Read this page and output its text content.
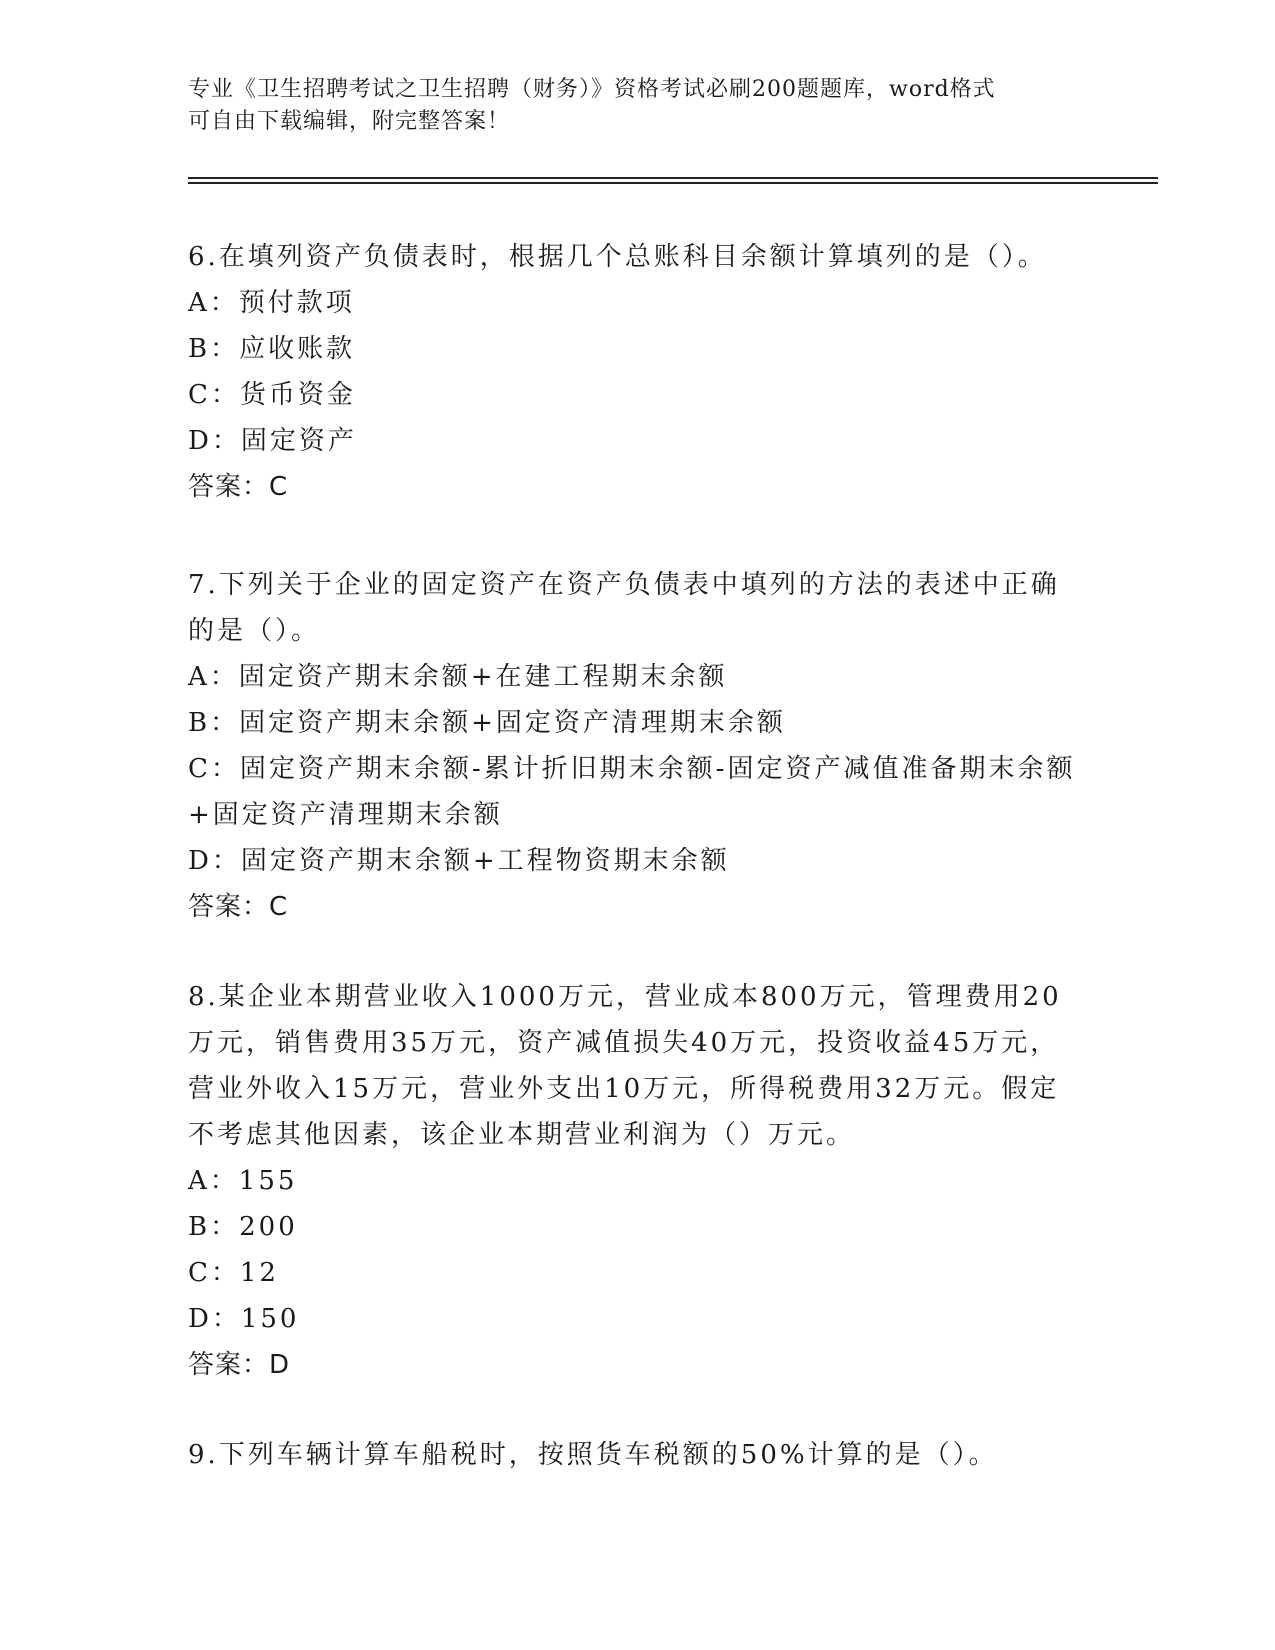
专业《卫生招聘考试之卫生招聘（财务）》资格考试必刷200题题库，word格式
可自由下载编辑，附完整答案！
6.在填列资产负债表时，根据几个总账科目余额计算填列的是（）。
A：预付款项
B：应收账款
C：货币资金
D：固定资产
答案：C
7.下列关于企业的固定资产在资产负债表中填列的方法的表述中正确
的是（）。
A：固定资产期末余额+在建工程期末余额
B：固定资产期末余额+固定资产清理期末余额
C：固定资产期末余额-累计折旧期末余额-固定资产减值准备期末余额
+固定资产清理期末余额
D：固定资产期末余额+工程物资期末余额
答案：C
8.某企业本期营业收入1000万元，营业成本800万元，管理费用20
万元，销售费用35万元，资产减值损失40万元，投资收益45万元，
营业外收入15万元，营业外支出10万元，所得税费用32万元。假定
不考虑其他因素，该企业本期营业利润为（）万元。
A：155
B：200
C：12
D：150
答案：D
9.下列车辆计算车船税时，按照货车税额的50%计算的是（）。
